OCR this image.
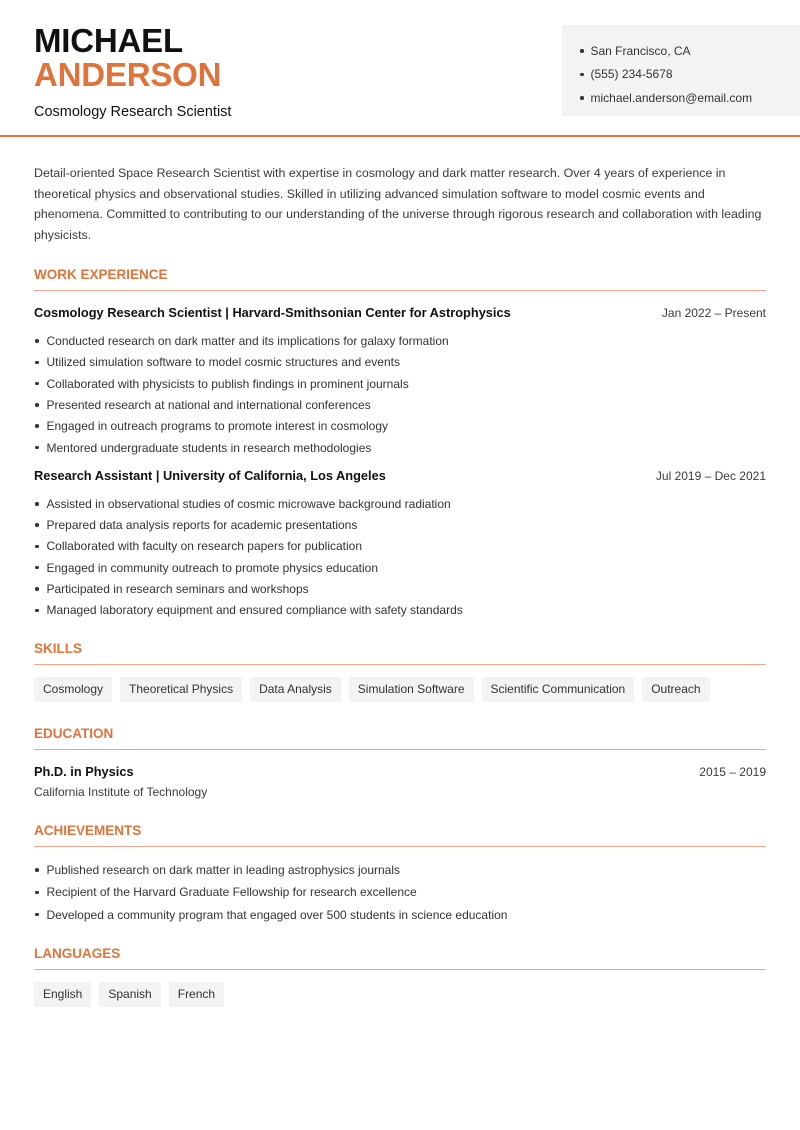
MICHAEL
ANDERSON
Cosmology Research Scientist
San Francisco, CA
(555) 234-5678
michael.anderson@email.com

Detail-oriented Space Research Scientist with expertise in cosmology and dark matter research. Over 4 years of experience in theoretical physics and observational studies. Skilled in utilizing advanced simulation software to model cosmic events and phenomena. Committed to contributing to our understanding of the universe through rigorous research and collaboration with leading physicists.

WORK EXPERIENCE
Cosmology Research Scientist | Harvard-Smithsonian Center for Astrophysics	Jan 2022 – Present
Conducted research on dark matter and its implications for galaxy formation
Utilized simulation software to model cosmic structures and events
Collaborated with physicists to publish findings in prominent journals
Presented research at national and international conferences
Engaged in outreach programs to promote interest in cosmology
Mentored undergraduate students in research methodologies
Research Assistant | University of California, Los Angeles	Jul 2019 – Dec 2021
Assisted in observational studies of cosmic microwave background radiation
Prepared data analysis reports for academic presentations
Collaborated with faculty on research papers for publication
Engaged in community outreach to promote physics education
Participated in research seminars and workshops
Managed laboratory equipment and ensured compliance with safety standards
SKILLS
Cosmology	Theoretical Physics	Data Analysis	Simulation Software	Scientific Communication	Outreach
EDUCATION
Ph.D. in Physics	2015 – 2019
California Institute of Technology
ACHIEVEMENTS
Published research on dark matter in leading astrophysics journals
Recipient of the Harvard Graduate Fellowship for research excellence
Developed a community program that engaged over 500 students in science education
LANGUAGES
English	Spanish	French
